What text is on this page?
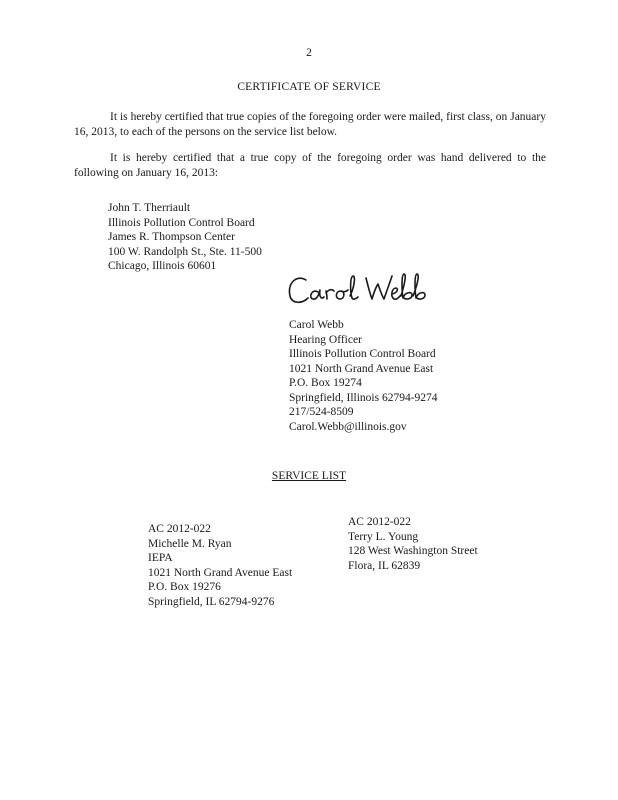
2
CERTIFICATE OF SERVICE
It is hereby certified that true copies of the foregoing order were mailed, first class, on January 16, 2013, to each of the persons on the service list below.
It is hereby certified that a true copy of the foregoing order was hand delivered to the following on January 16, 2013:
John T. Therriault
Illinois Pollution Control Board
James R. Thompson Center
100 W. Randolph St., Ste. 11-500
Chicago, Illinois 60601
Carol Webb
Hearing Officer
Illinois Pollution Control Board
1021 North Grand Avenue East
P.O. Box 19274
Springfield, Illinois 62794-9274
217/524-8509
Carol.Webb@illinois.gov
SERVICE LIST
AC 2012-022
Michelle M. Ryan
IEPA
1021 North Grand Avenue East
P.O. Box 19276
Springfield, IL 62794-9276
AC 2012-022
Terry L. Young
128 West Washington Street
Flora, IL 62839
